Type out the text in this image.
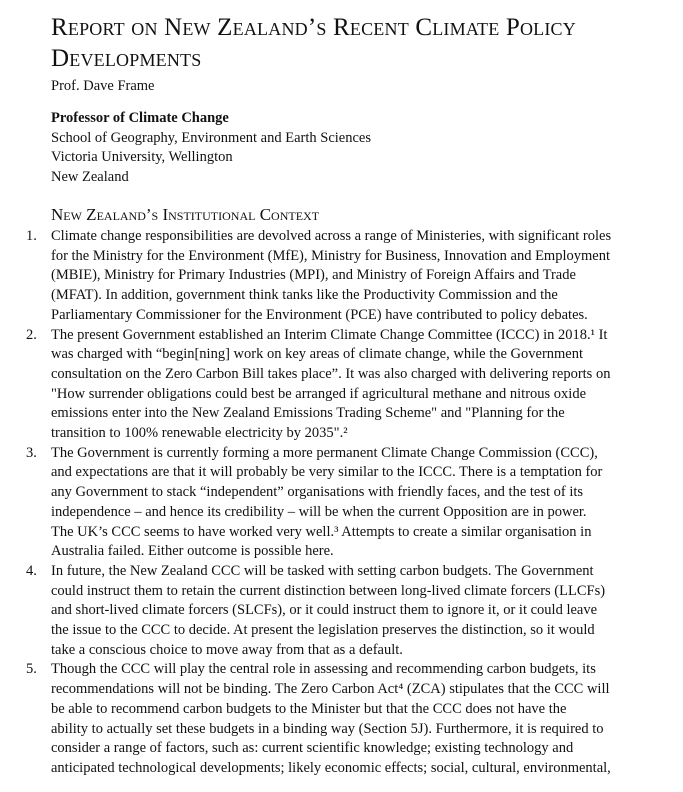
Report on New Zealand’s Recent Climate Policy
Developments

Prof. Dave Frame

Professor of Climate Change
School of Geography, Environment and Earth Sciences
Victoria University, Wellington
New Zealand
New Zealand’s Institutional Context
1. Climate change responsibilities are devolved across a range of Ministeries, with significant roles
for the Ministry for the Environment (MfE), Ministry for Business, Innovation and Employment
(MBIE), Ministry for Primary Industries (MPI), and Ministry of Foreign Affairs and Trade
(MFAT). In addition, government think tanks like the Productivity Commission and the
Parliamentary Commissioner for the Environment (PCE) have contributed to policy debates.
2. The present Government established an Interim Climate Change Committee (ICCC) in 2018.¹ It
was charged with “begin[ning] work on key areas of climate change, while the Government
consultation on the Zero Carbon Bill takes place”. It was also charged with delivering reports on
"How surrender obligations could best be arranged if agricultural methane and nitrous oxide
emissions enter into the New Zealand Emissions Trading Scheme" and "Planning for the
transition to 100% renewable electricity by 2035".²
3. The Government is currently forming a more permanent Climate Change Commission (CCC),
and expectations are that it will probably be very similar to the ICCC. There is a temptation for
any Government to stack “independent” organisations with friendly faces, and the test of its
independence – and hence its credibility – will be when the current Opposition are in power.
The UK’s CCC seems to have worked very well.³ Attempts to create a similar organisation in
Australia failed. Either outcome is possible here.
4. In future, the New Zealand CCC will be tasked with setting carbon budgets. The Government
could instruct them to retain the current distinction between long-lived climate forcers (LLCFs)
and short-lived climate forcers (SLCFs), or it could instruct them to ignore it, or it could leave
the issue to the CCC to decide. At present the legislation preserves the distinction, so it would
take a conscious choice to move away from that as a default.
5. Though the CCC will play the central role in assessing and recommending carbon budgets, its
recommendations will not be binding. The Zero Carbon Act⁴ (ZCA) stipulates that the CCC will
be able to recommend carbon budgets to the Minister but that the CCC does not have the
ability to actually set these budgets in a binding way (Section 5J). Furthermore, it is required to
consider a range of factors, such as: current scientific knowledge; existing technology and
anticipated technological developments; likely economic effects; social, cultural, environmental,
